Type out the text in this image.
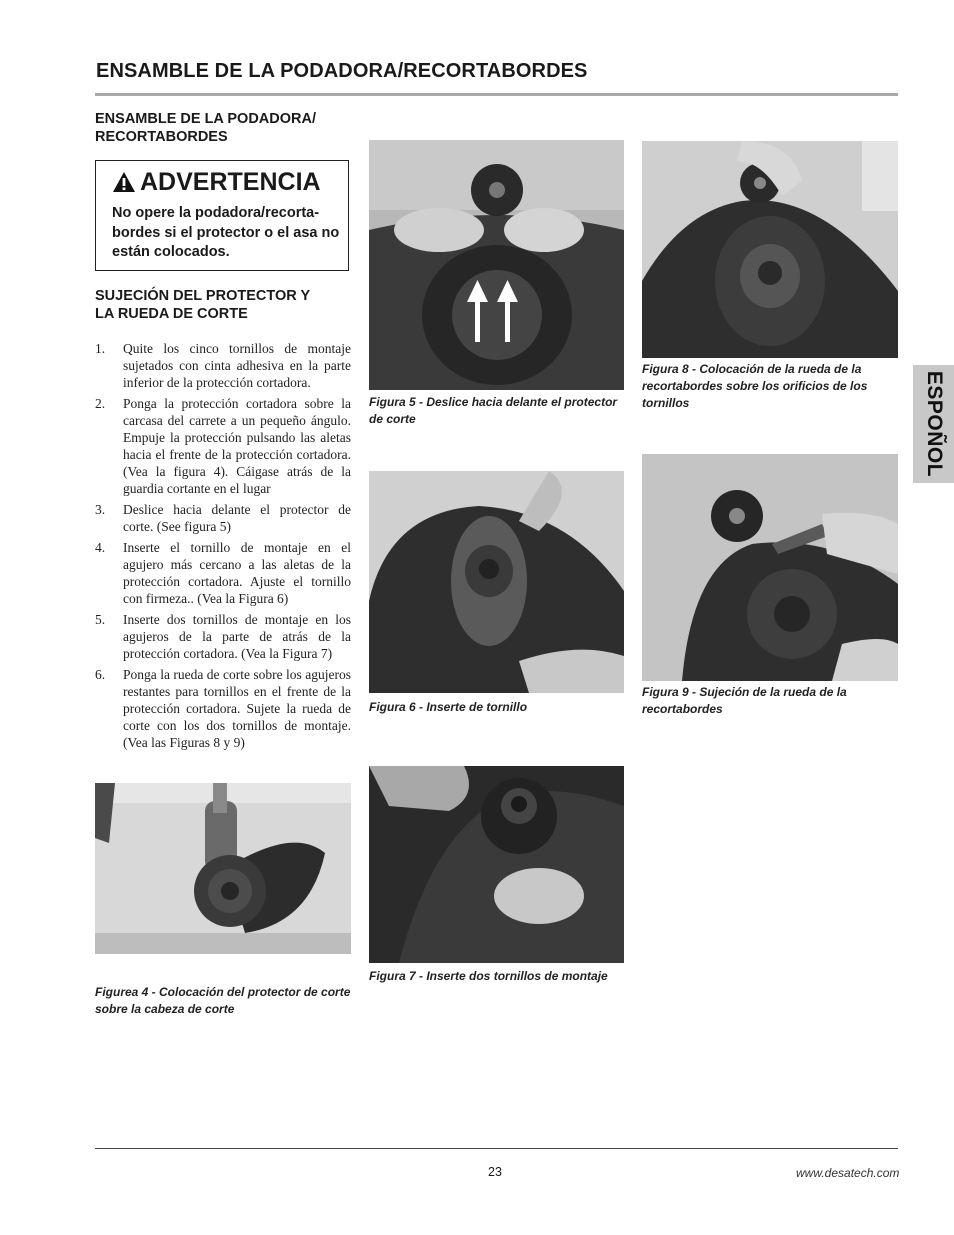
ENSAMBLE DE LA PODADORA/RECORTABORDES
ENSAMBLE DE LA PODADORA/
RECORTABORDES
ADVERTENCIA
No opere la podadora/recorta-bordes si el protector o el asa no están colocados.
SUJECIÓN DEL PROTECTOR Y
LA RUEDA DE CORTE
1. Quite los cinco tornillos de montaje sujetados con cinta adhesiva en la parte inferior de la protección cortadora.
2. Ponga la protección cortadora sobre la carcasa del carrete a un pequeño ángulo. Empuje la protección pulsando las aletas hacia el frente de la protección cortadora. (Vea la figura 4). Cáigase atrás de la guardia cortante en el lugar
3. Deslice hacia delante el protector de corte. (See figura 5)
4. Inserte el tornillo de montaje en el agujero más cercano a las aletas de la protección cortadora. Ajuste el tornillo con firmeza.. (Vea la Figura 6)
5. Inserte dos tornillos de montaje en los agujeros de la parte de atrás de la protección cortadora. (Vea la Figura 7)
6. Ponga la rueda de corte sobre los agujeros restantes para tornillos en el frente de la protección cortadora. Sujete la rueda de corte con los dos tornillos de montaje. (Vea las Figuras 8 y 9)
Figurea 4 - Colocación del protector de corte sobre la cabeza de corte
Figura 5 - Deslice hacia delante el protector de corte
Figura 6 - Inserte de tornillo
Figura 7 - Inserte dos tornillos de montaje
Figura 8 - Colocación de la rueda de la recortabordes sobre los orificios de los tornillos
Figura 9 - Sujeción de la rueda de la recortabordes
ESPOÑOL
23	www.desatech.com
